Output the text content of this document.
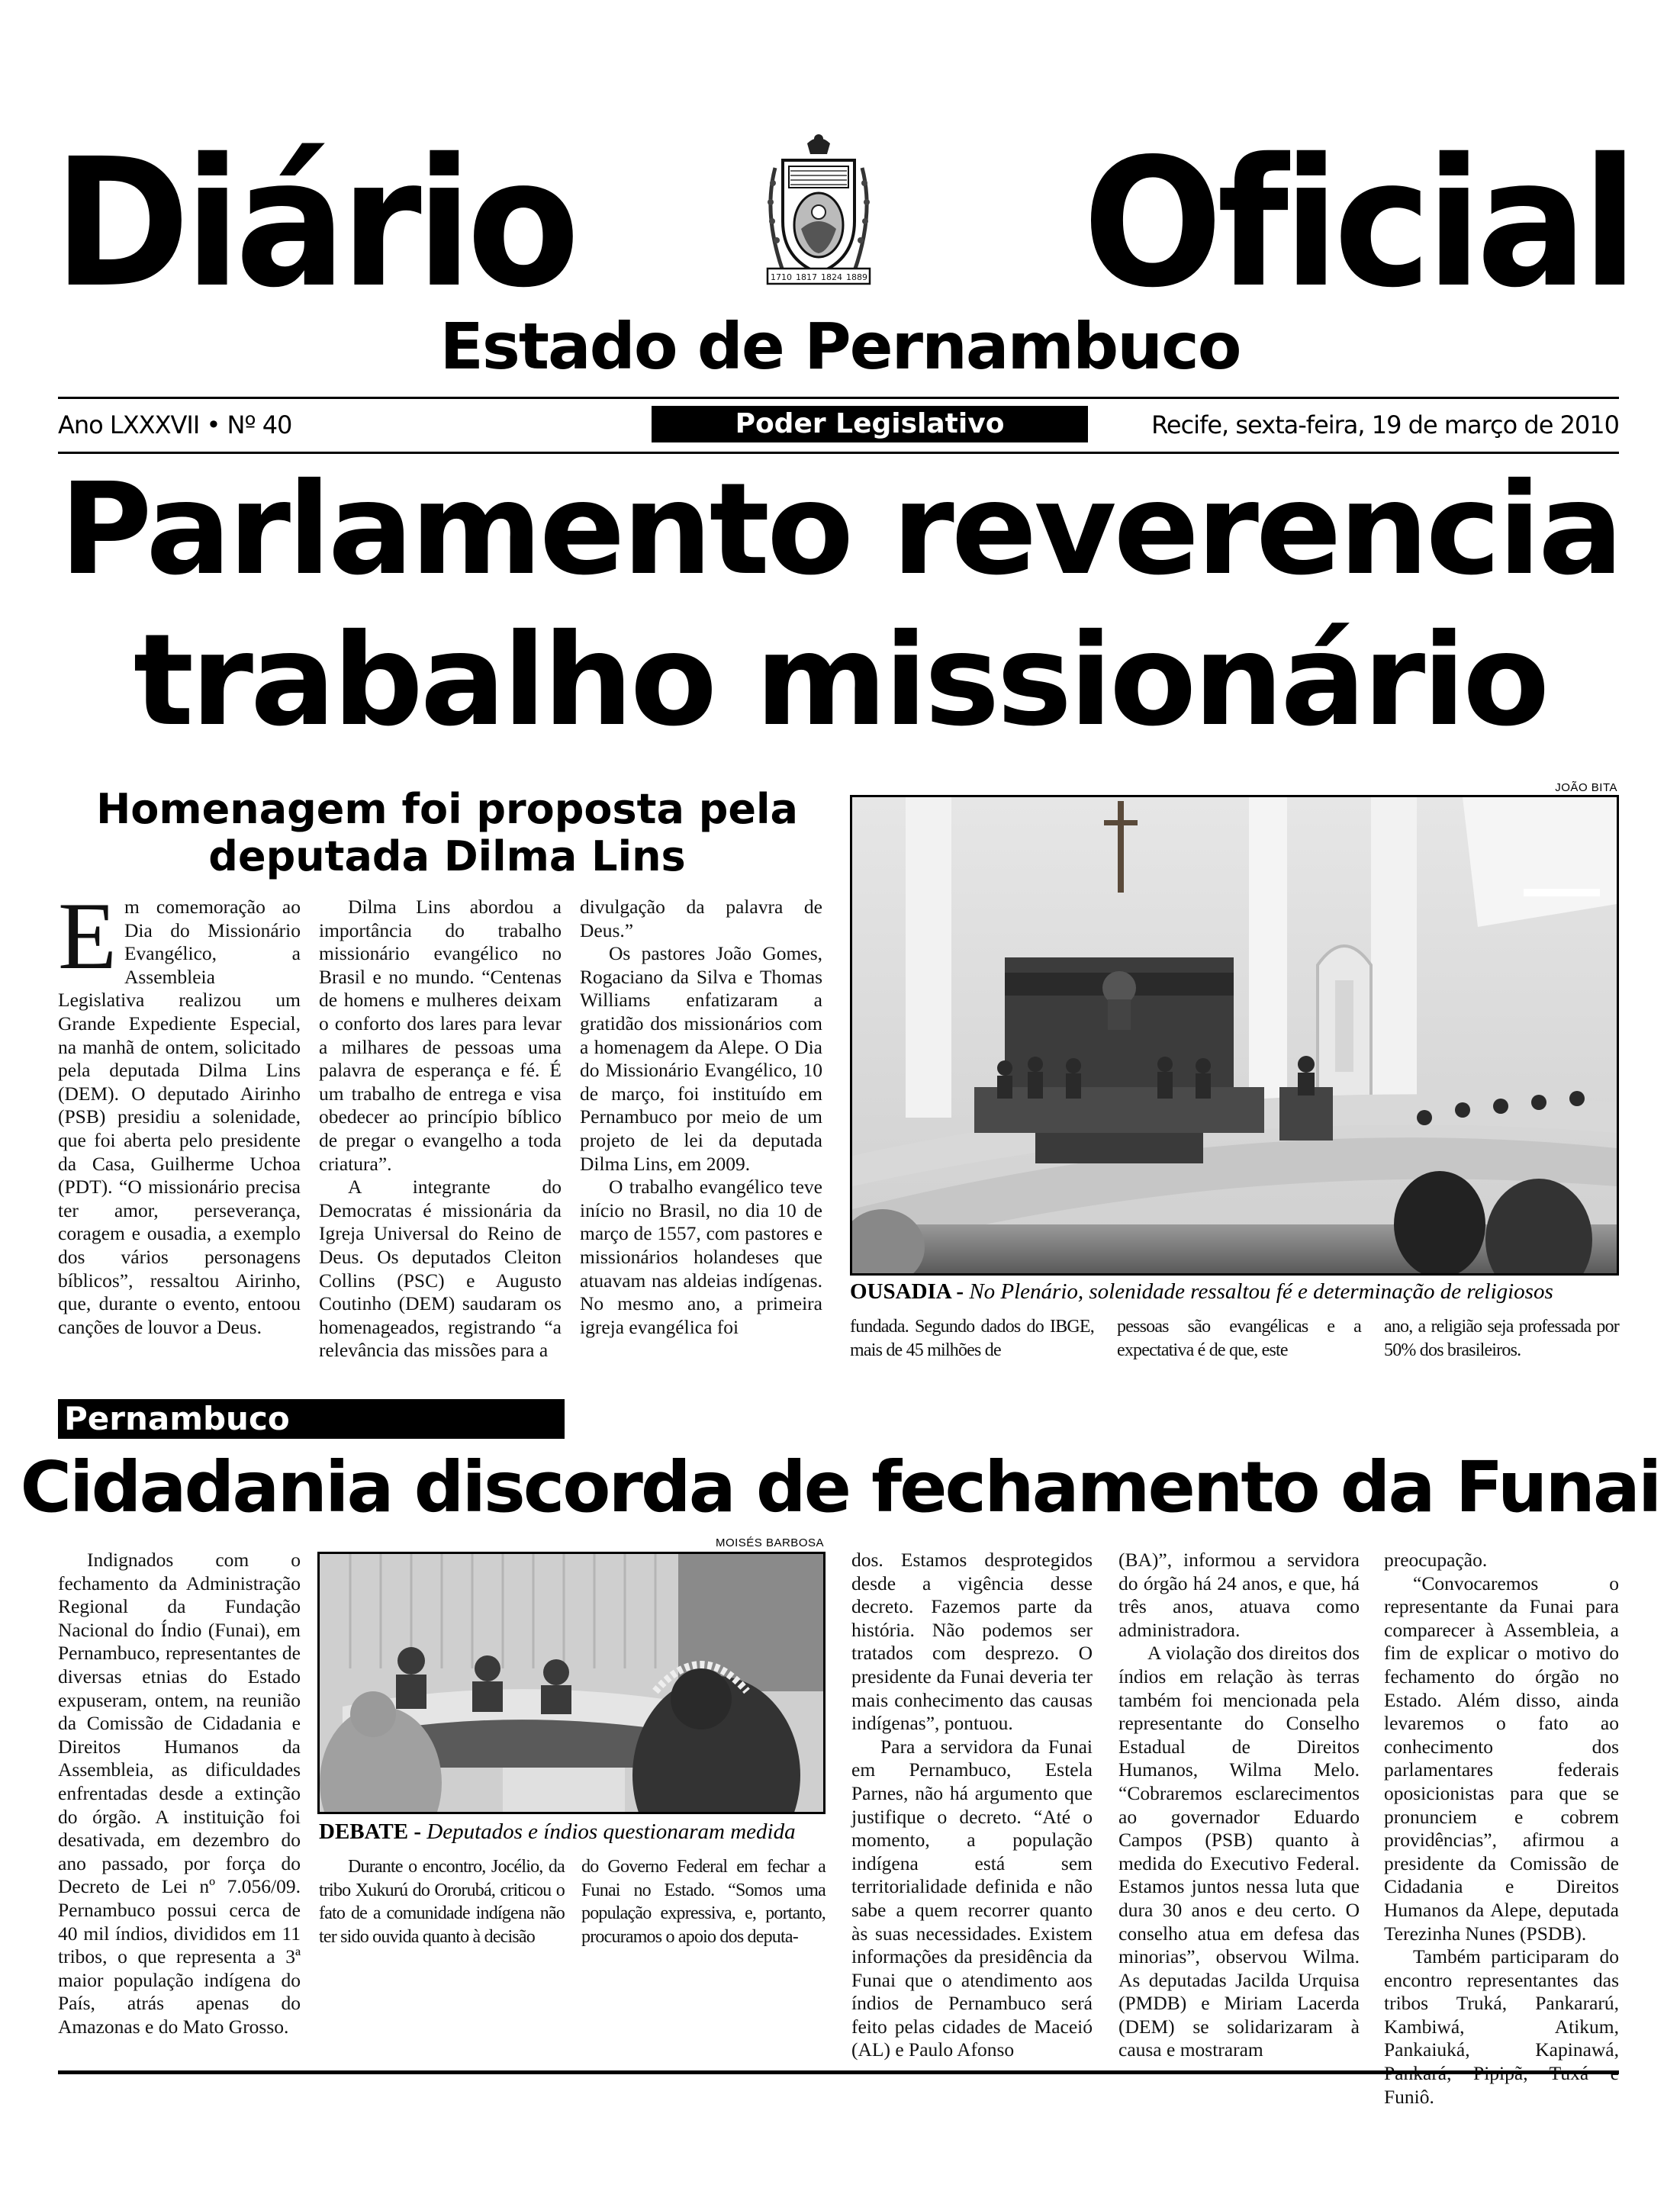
Diário	Oficial
1710 1817 1824 1889
Estado de Pernambuco
Ano LXXXVII • Nº 40	Poder Legislativo	Recife, sexta-feira, 19 de março de 2010
Parlamento reverencia
trabalho missionário
Homenagem foi proposta pela
deputada Dilma Lins
E m comemoração ao Dia do Missionário Evangélico, a Assembleia Legislativa realizou um Grande Expediente Especial, na manhã de ontem, solicitado pela deputada Dilma Lins (DEM). O deputado Airinho (PSB) presidiu a solenidade, que foi aberta pelo presidente da Casa, Guilherme Uchoa (PDT). “O missionário precisa ter amor, perseverança, coragem e ousadia, a exemplo dos vários personagens bíblicos”, ressaltou Airinho, que, durante o evento, entoou canções de louvor a Deus.

Dilma Lins abordou a importância do trabalho missionário evangélico no Brasil e no mundo. “Centenas de homens e mulheres deixam o conforto dos lares para levar a milhares de pessoas uma palavra de esperança e fé. É um trabalho de entrega e visa obedecer ao princípio bíblico de pregar o evangelho a toda criatura”.

A integrante do Democratas é missionária da Igreja Universal do Reino de Deus. Os deputados Cleiton Collins (PSC) e Augusto Coutinho (DEM) saudaram os homenageados, registrando “a relevância das missões para a

divulgação da palavra de Deus.”

Os pastores João Gomes, Rogaciano da Silva e Thomas Williams enfatizaram a gratidão dos missionários com a homenagem da Alepe. O Dia do Missionário Evangélico, 10 de março, foi instituído em Pernambuco por meio de um projeto de lei da deputada Dilma Lins, em 2009.

O trabalho evangélico teve início no Brasil, no dia 10 de março de 1557, com pastores e missionários holandeses que atuavam nas aldeias indígenas. No mesmo ano, a primeira igreja evangélica foi

JOÃO BITA
OUSADIA - No Plenário, solenidade ressaltou fé e determinação de religiosos

fundada. Segundo dados do IBGE, mais de 45 milhões de

pessoas são evangélicas e a expectativa é de que, este

ano, a religião seja professada por 50% dos brasileiros.

Pernambuco
Cidadania discorda de fechamento da Funai

Indignados com o fechamento da Administração Regional da Fundação Nacional do Índio (Funai), em Pernambuco, representantes de diversas etnias do Estado expuseram, ontem, na reunião da Comissão de Cidadania e Direitos Humanos da Assembleia, as dificuldades enfrentadas desde a extinção do órgão. A instituição foi desativada, em dezembro do ano passado, por força do Decreto de Lei nº 7.056/09. Pernambuco possui cerca de 40 mil índios, divididos em 11 tribos, o que representa a 3ª maior população indígena do País, atrás apenas do Amazonas e do Mato Grosso.

MOISÉS BARBOSA
DEBATE - Deputados e índios questionaram medida

Durante o encontro, Jocélio, da tribo Xukurú do Ororubá, criticou o fato de a comunidade indígena não ter sido ouvida quanto à decisão

do Governo Federal em fechar a Funai no Estado. “Somos uma população expressiva, e, portanto, procuramos o apoio dos deputa-

dos. Estamos desprotegidos desde a vigência desse decreto. Fazemos parte da história. Não podemos ser tratados com desprezo. O presidente da Funai deveria ter mais conhecimento das causas indígenas”, pontuou.

Para a servidora da Funai em Pernambuco, Estela Parnes, não há argumento que justifique o decreto. “Até o momento, a população indígena está sem territorialidade definida e não sabe a quem recorrer quanto às suas necessidades. Existem informações da presidência da Funai que o atendimento aos índios de Pernambuco será feito pelas cidades de Maceió (AL) e Paulo Afonso

(BA)”, informou a servidora do órgão há 24 anos, e que, há três anos, atuava como administradora.

A violação dos direitos dos índios em relação às terras também foi mencionada pela representante do Conselho Estadual de Direitos Humanos, Wilma Melo. “Cobraremos esclarecimentos ao governador Eduardo Campos (PSB) quanto à medida do Executivo Federal. Estamos juntos nessa luta que dura 30 anos e deu certo. O conselho atua em defesa das minorias”, observou Wilma. As deputadas Jacilda Urquisa (PMDB) e Miriam Lacerda (DEM) se solidarizaram à causa e mostraram

preocupação.

“Convocaremos o representante da Funai para comparecer à Assembleia, a fim de explicar o motivo do fechamento do órgão no Estado. Além disso, ainda levaremos o fato ao conhecimento dos parlamentares federais oposicionistas para que se pronunciem e cobrem providências”, afirmou a presidente da Comissão de Cidadania e Direitos Humanos da Alepe, deputada Terezinha Nunes (PSDB).

Também participaram do encontro representantes das tribos Truká, Pankararú, Kambiwá, Atikum, Pankaiuká, Kapinawá, Funiô.
